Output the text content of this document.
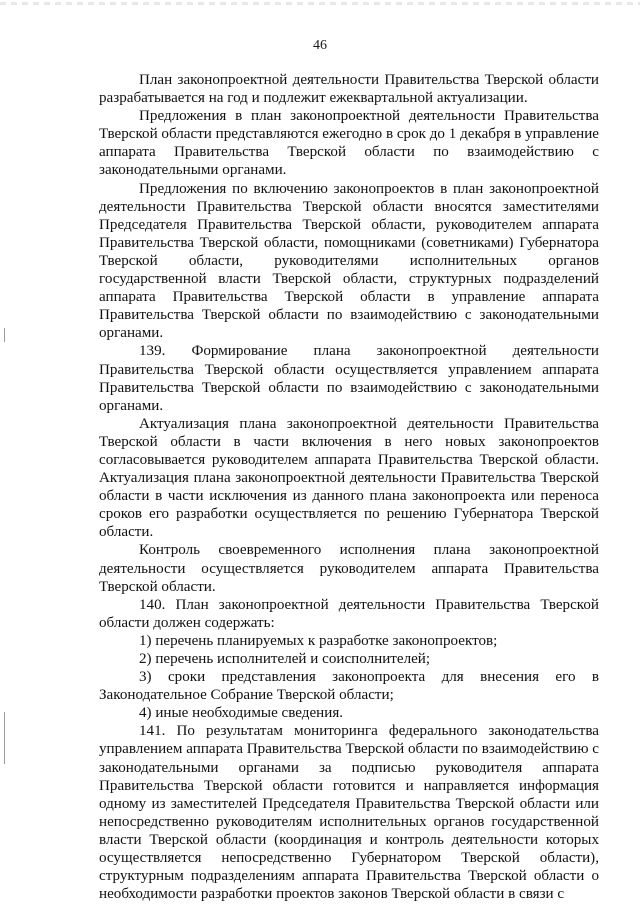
46

План законопроектной деятельности Правительства Тверской области разрабатывается на год и подлежит ежеквартальной актуализации.

Предложения в план законопроектной деятельности Правительства Тверской области представляются ежегодно в срок до 1 декабря в управление аппарата Правительства Тверской области по взаимодействию с законодательными органами.

Предложения по включению законопроектов в план законопроектной деятельности Правительства Тверской области вносятся заместителями Председателя Правительства Тверской области, руководителем аппарата Правительства Тверской области, помощниками (советниками) Губернатора Тверской области, руководителями исполнительных органов государственной власти Тверской области, структурных подразделений аппарата Правительства Тверской области в управление аппарата Правительства Тверской области по взаимодействию с законодательными органами.

139. Формирование плана законопроектной деятельности Правительства Тверской области осуществляется управлением аппарата Правительства Тверской области по взаимодействию с законодательными органами.

Актуализация плана законопроектной деятельности Правительства Тверской области в части включения в него новых законопроектов согласовывается руководителем аппарата Правительства Тверской области. Актуализация плана законопроектной деятельности Правительства Тверской области в части исключения из данного плана законопроекта или переноса сроков его разработки осуществляется по решению Губернатора Тверской области.

Контроль своевременного исполнения плана законопроектной деятельности осуществляется руководителем аппарата Правительства Тверской области.

140. План законопроектной деятельности Правительства Тверской области должен содержать:

1) перечень планируемых к разработке законопроектов;

2) перечень исполнителей и соисполнителей;

3) сроки представления законопроекта для внесения его в Законодательное Собрание Тверской области;

4) иные необходимые сведения.

141. По результатам мониторинга федерального законодательства управлением аппарата Правительства Тверской области по взаимодействию с законодательными органами за подписью руководителя аппарата Правительства Тверской области готовится и направляется информация одному из заместителей Председателя Правительства Тверской области или непосредственно руководителям исполнительных органов государственной власти Тверской области (координация и контроль деятельности которых осуществляется непосредственно Губернатором Тверской области), структурным подразделениям аппарата Правительства Тверской области о необходимости разработки проектов законов Тверской области в связи с
